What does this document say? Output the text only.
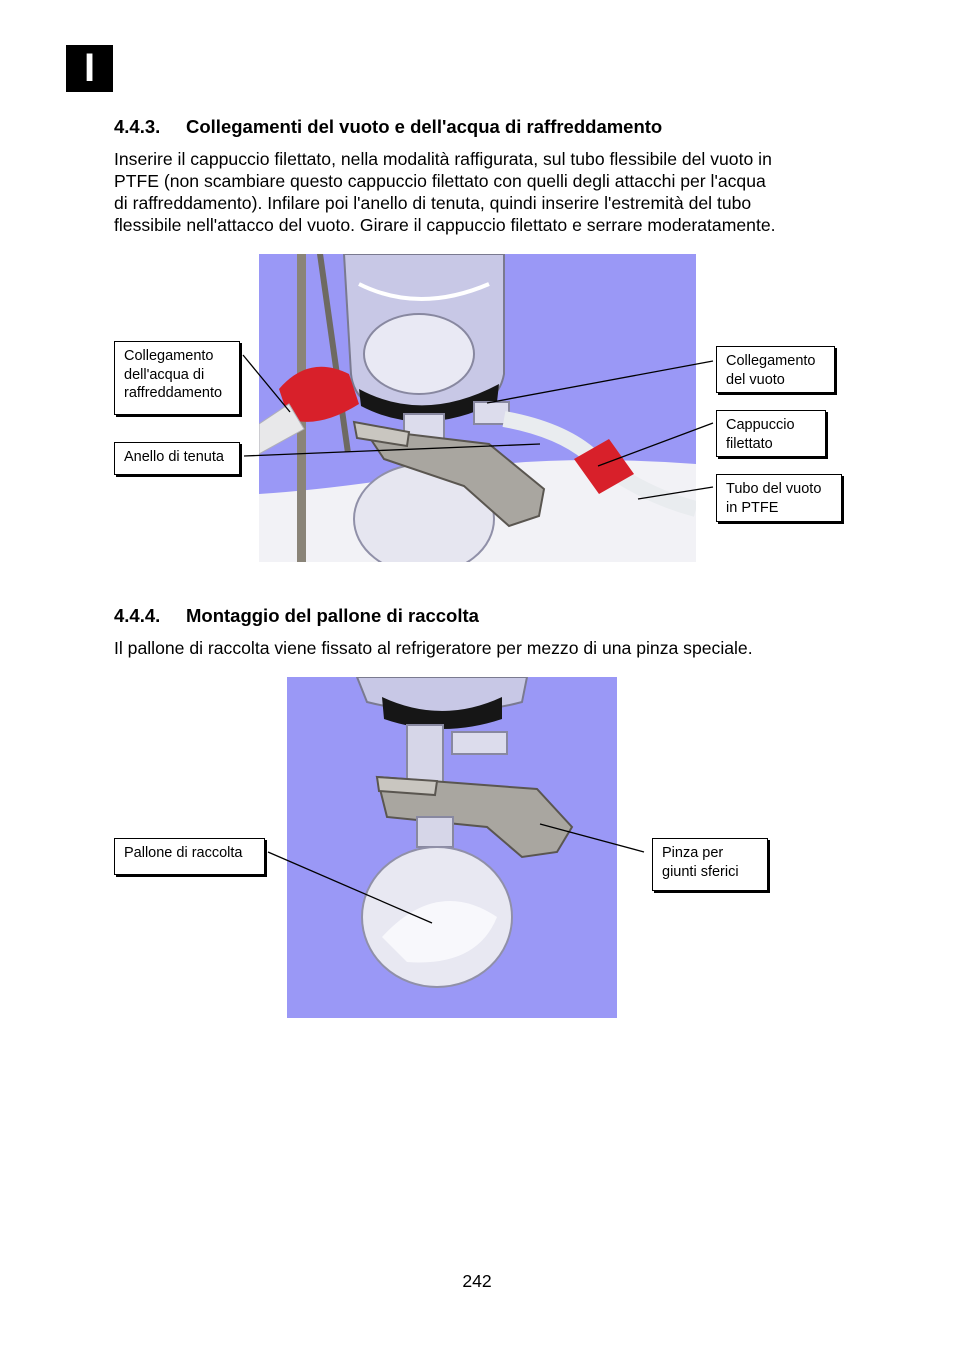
I
4.4.3. Collegamenti del vuoto e dell'acqua di raffreddamento
Inserire il cappuccio filettato, nella modalità raffigurata, sul tubo flessibile del vuoto in
PTFE (non scambiare questo cappuccio filettato con quelli degli attacchi per l'acqua
di raffreddamento). Infilare poi l'anello di tenuta, quindi inserire l'estremità del tubo
flessibile nell'attacco del vuoto. Girare il cappuccio filettato e serrare moderatamente.
Collegamento
dell'acqua di
raffreddamento
Anello di tenuta
Collegamento
del vuoto
Cappuccio
filettato
Tubo del vuoto
in PTFE
4.4.4. Montaggio del pallone di raccolta
Il pallone di raccolta viene fissato al refrigeratore per mezzo di una pinza speciale.
Pallone di raccolta	Pinza per
giunti sferici
242
